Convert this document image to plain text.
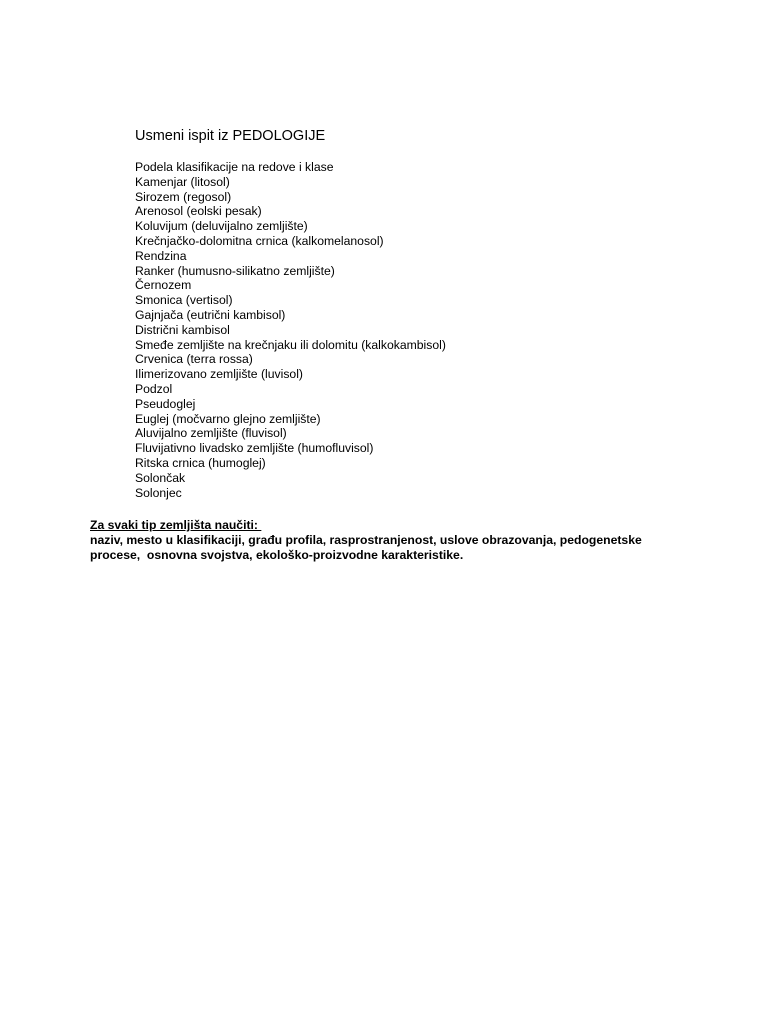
Usmeni ispit iz PEDOLOGIJE
Podela klasifikacije na redove i klase
Kamenjar (litosol)
Sirozem (regosol)
Arenosol (eolski pesak)
Koluvijum (deluvijalno zemljište)
Krečnjačko-dolomitna crnica (kalkomelanosol)
Rendzina
Ranker (humusno-silikatno zemljište)
Černozem
Smonica (vertisol)
Gajnjača (eutrični kambisol)
Distrični kambisol
Smeđe zemljište na krečnjaku ili dolomitu (kalkokambisol)
Crvenica (terra rossa)
Ilimerizovano zemljište (luvisol)
Podzol
Pseudoglej
Euglej (močvarno glejno zemljište)
Aluvijalno zemljište (fluvisol)
Fluvijativno livadsko zemljište (humofluvisol)
Ritska crnica (humoglej)
Solončak
Solonjec

Za svaki tip zemljišta naučiti:

naziv, mesto u klasifikaciji, građu profila, rasprostranjenost, uslove obrazovanja, pedogenetske
procese,  osnovna svojstva, ekološko-proizvodne karakteristike.
